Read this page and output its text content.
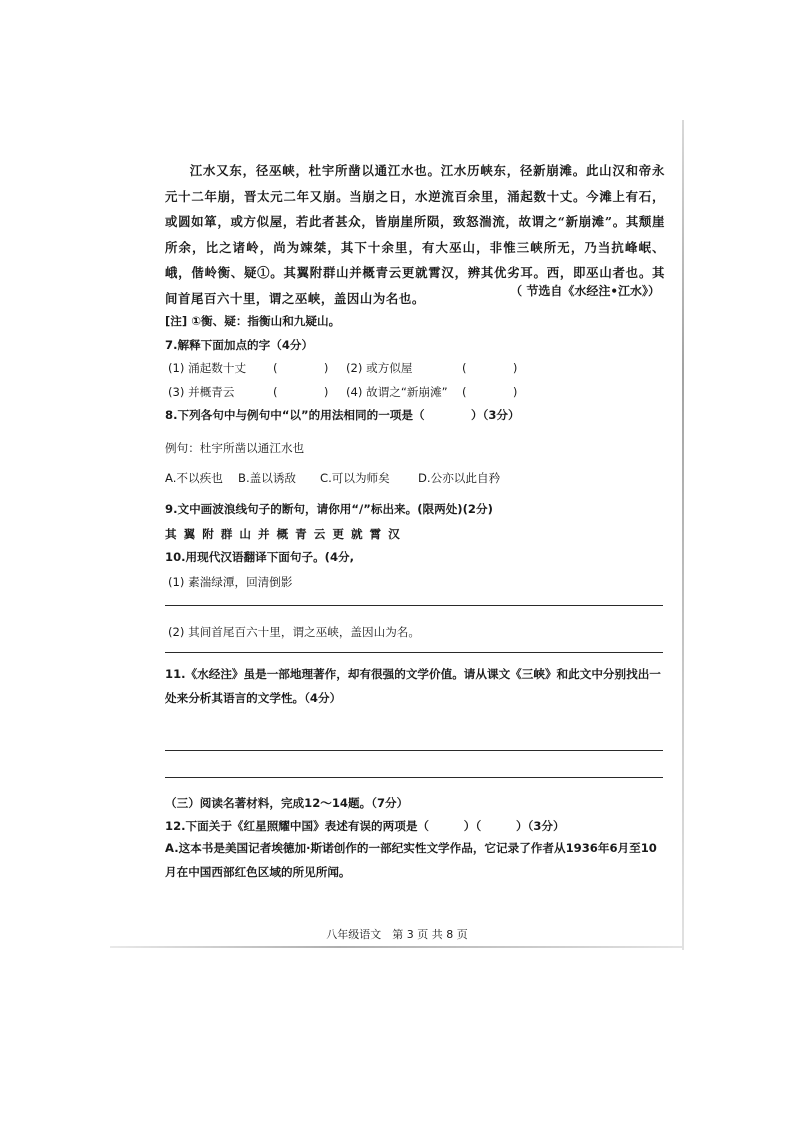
江水又东，径巫峡，杜宇所凿以通江水也。江水历峡东，径新崩滩。此山汉和帝永元十二年崩，晋太元二年又崩。当崩之日，水逆流百余里，涌起数十丈。今滩上有石，或圆如箪，或方似屋，若此者甚众，皆崩崖所陨，致怒湍流，故谓之“新崩滩”。其颓崖所余，比之诸岭，尚为竦桀，其下十余里，有大巫山，非惟三峡所无，乃当抗峰岷、峨，偕岭衡、疑①。其翼附群山并概青云更就霄汉，辨其优劣耳。西，即巫山者也。其间首尾百六十里，谓之巫峡，盖因山为名也。	（ 节选自《水经注•江水》）
[注] ①衡、疑：指衡山和九疑山。
7.解释下面加点的字（4分）
(1) 涌起数十丈 (　　　　) (2) 或方似屋	(　　　　)
(3) 并概青云	(　　　　) (4) 故谓之“新崩滩” (　　　　)
8.下列各句中与例句中“以”的用法相同的一项是（　　　　）（3分）
例句：杜宇所凿以通江水也
A.不以疾也 B.盖以诱敌 C.可以为师矣 D.公亦以此自矜
9.文中画波浪线句子的断句，请你用“/”标出来。(限两处)(2分)
其翼附群山并概青云更就霄汉
10.用现代汉语翻译下面句子。(4分,
(1) 素湍绿潭，回清倒影
(2) 其间首尾百六十里，谓之巫峡，盖因山为名。
11.《水经注》虽是一部地理著作，却有很强的文学价值。请从课文《三峡》和此文中分别找出一处来分析其语言的文学性。（4分）
（三）阅读名著材料，完成12～14题。（7分）
12.下面关于《红星照耀中国》表述有误的两项是（　　　）（　　　）（3分）
A.这本书是美国记者埃德加·斯诺创作的一部纪实性文学作品，它记录了作者从1936年6月至10月在中国西部红色区域的所见所闻。
八年级语文　第 3 页 共 8 页
